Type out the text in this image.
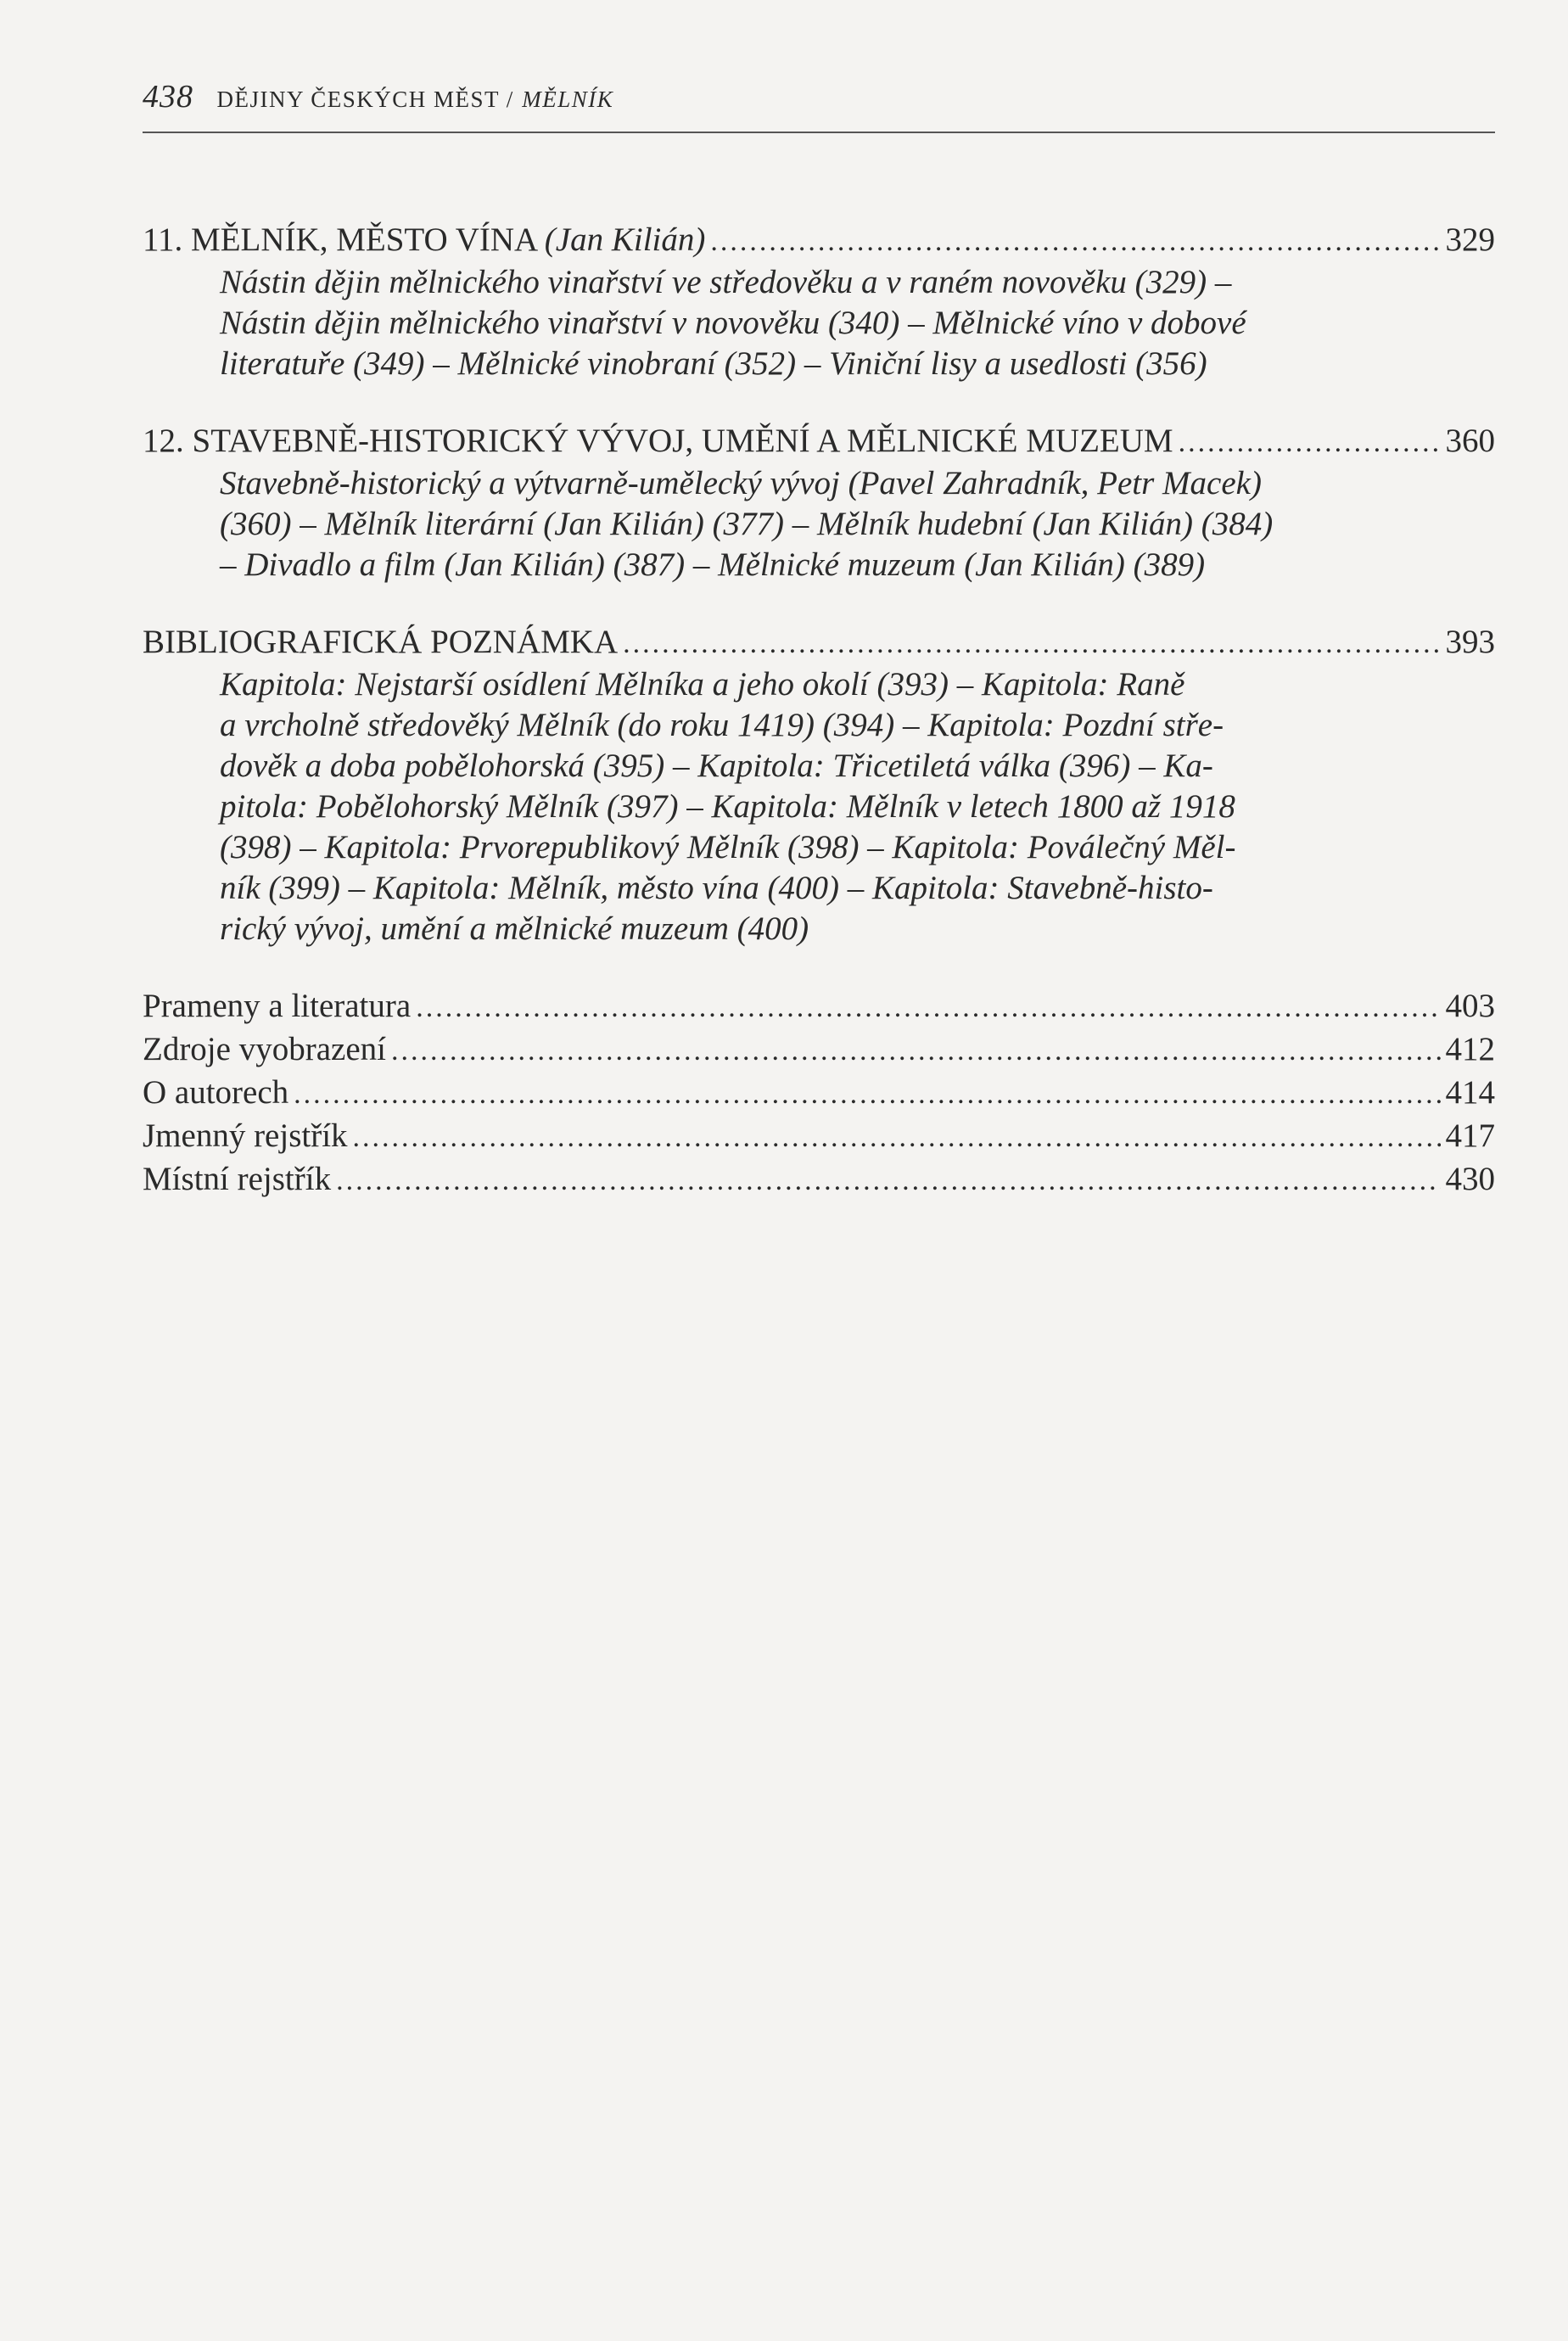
438 DĚJINY ČESKÝCH MĚST / MĚLNÍK
11. MĚLNÍK, MĚSTO VÍNA (Jan Kilián) .....	329
Nástin dějin mělnického vinařství ve středověku a v raném novověku (329) –
Nástin dějin mělnického vinařství v novověku (340) – Mělnické víno v dobové
literatuře (349) – Mělnické vinobraní (352) – Viniční lisy a usedlosti (356)
12. STAVEBNĚ-HISTORICKÝ VÝVOJ, UMĚNÍ A MĚLNICKÉ MUZEUM .....	360
Stavebně-historický a výtvarně-umělecký vývoj (Pavel Zahradník, Petr Macek)
(360) – Mělník literární (Jan Kilián) (377) – Mělník hudební (Jan Kilián) (384)
– Divadlo a film (Jan Kilián) (387) – Mělnické muzeum (Jan Kilián) (389)
BIBLIOGRAFICKÁ POZNÁMKA .....	393
Kapitola: Nejstarší osídlení Mělníka a jeho okolí (393) – Kapitola: Raně
a vrcholně středověký Mělník (do roku 1419) (394) – Kapitola: Pozdní stře-
dověk a doba pobělohorská (395) – Kapitola: Třicetiletá válka (396) – Ka-
pitola: Pobělohorský Mělník (397) – Kapitola: Mělník v letech 1800 až 1918
(398) – Kapitola: Prvorepublikový Mělník (398) – Kapitola: Poválečný Měl-
ník (399) – Kapitola: Mělník, město vína (400) – Kapitola: Stavebně-histo-
rický vývoj, umění a mělnické muzeum (400)
Prameny a literatura .....	403
Zdroje vyobrazení .....	412
O autorech .....	414
Jmenný rejstřík .....	417
Místní rejstřík .....	430
